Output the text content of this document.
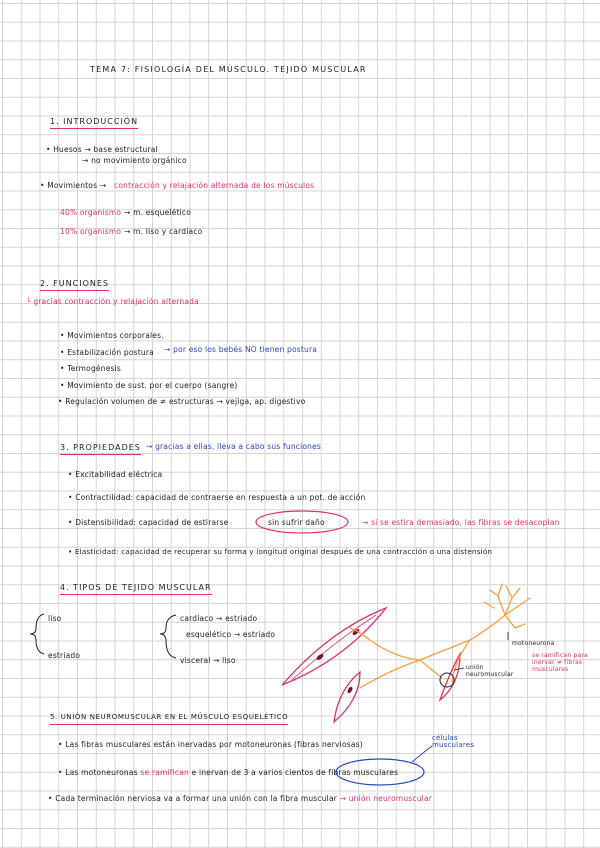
TEMA 7: FISIOLOGÍA DEL MÚSCULO. TEJIDO MUSCULAR
1. INTRODUCCIÓN
• Huesos → base estructural
→ no movimiento orgánico
• Movimientos → contracción y relajación alternada de los músculos
40% organismo → m. esquelético
10% organismo → m. liso y cardíaco
2. FUNCIONES
└ gracias contracción y relajación alternada
• Movimientos corporales.
• Estabilización postura → por eso los bebés NO tienen postura
• Termogénesis
• Movimiento de sust. por el cuerpo (sangre)
• Regulación volumen de ≠ estructuras → vejiga, ap. digestivo
3. PROPIEDADES → gracias a ellas, lleva a cabo sus funciones
• Excitabilidad eléctrica
• Contractilidad: capacidad de contraerse en respuesta a un pot. de acción
• Distensibilidad: capacidad de estirarse	sin sufrir daño	→ si se estira demasiado, las fibras se desacoplan
• Elasticidad: capacidad de recuperar su forma y longitud original después de una contracción o una distensión
4. TIPOS DE TEJIDO MUSCULAR
liso
estriado
cardíaco → estriado
esquelético → estriado
visceral → liso
motoneurona
se ramifican para inervar ≠ fibras musculares
unión neuromuscular
5. UNIÓN NEUROMUSCULAR EN EL MÚSCULO ESQUELÉTICO
células musculares
• Las fibras musculares están inervadas por motoneuronas (fibras nerviosas)
• Las motoneuronas se ramifican e inervan de 3 a varios cientos de fibras musculares
• Cada terminación nerviosa va a formar una unión con la fibra muscular → unión neuromuscular
